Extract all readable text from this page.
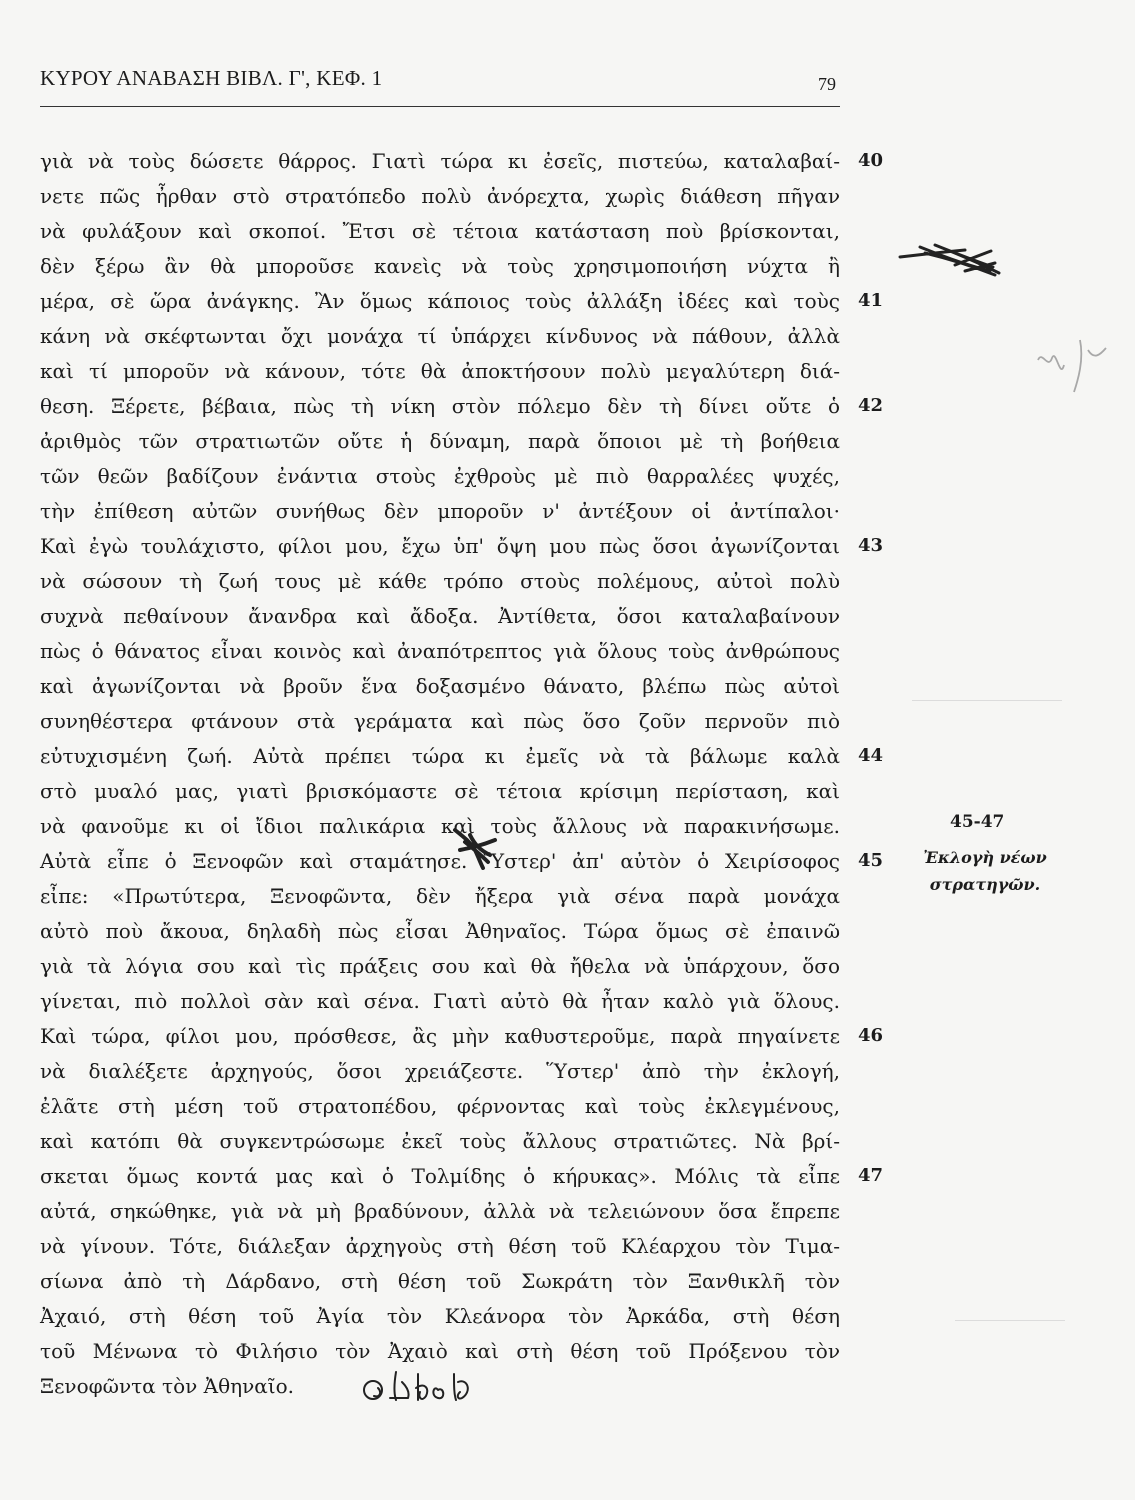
ΚΥΡΟΥ ΑΝΑΒΑΣΗ ΒΙΒΛ. Γ', ΚΕΦ. 1	79
γιὰ νὰ τοὺς δώσετε θάρρος. Γιατὶ τώρα κι ἐσεῖς, πιστεύω, καταλαβαί-
νετε πῶς ἦρθαν στὸ στρατόπεδο πολὺ ἀνόρεχτα, χωρὶς διάθεση πῆγαν
νὰ φυλάξουν καὶ σκοποί. Ἔτσι σὲ τέτοια κατάσταση ποὺ βρίσκονται,
δὲν ξέρω ἂν θὰ μποροῦσε κανεὶς νὰ τοὺς χρησιμοποιήση νύχτα ἢ
μέρα, σὲ ὥρα ἀνάγκης. Ἂν ὅμως κάποιος τοὺς ἀλλάξη ἰδέες καὶ τοὺς
κάνη νὰ σκέφτωνται ὄχι μονάχα τί ὑπάρχει κίνδυνος νὰ πάθουν, ἀλλὰ
καὶ τί μποροῦν νὰ κάνουν, τότε θὰ ἀποκτήσουν πολὺ μεγαλύτερη διά-
θεση. Ξέρετε, βέβαια, πὼς τὴ νίκη στὸν πόλεμο δὲν τὴ δίνει οὔτε ὁ
ἀριθμὸς τῶν στρατιωτῶν οὔτε ἡ δύναμη, παρὰ ὅποιοι μὲ τὴ βοήθεια
τῶν θεῶν βαδίζουν ἐνάντια στοὺς ἐχθροὺς μὲ πιὸ θαρραλέες ψυχές,
τὴν ἐπίθεση αὐτῶν συνήθως δὲν μποροῦν ν' ἀντέξουν οἱ ἀντίπαλοι·
Καὶ ἐγὼ τουλάχιστο, φίλοι μου, ἔχω ὑπ' ὄψη μου πὼς ὅσοι ἀγωνίζονται
νὰ σώσουν τὴ ζωή τους μὲ κάθε τρόπο στοὺς πολέμους, αὐτοὶ πολὺ
συχνὰ πεθαίνουν ἄνανδρα καὶ ἄδοξα. Ἀντίθετα, ὅσοι καταλαβαίνουν
πὼς ὁ θάνατος εἶναι κοινὸς καὶ ἀναπότρεπτος γιὰ ὅλους τοὺς ἀνθρώπους
καὶ ἀγωνίζονται νὰ βροῦν ἕνα δοξασμένο θάνατο, βλέπω πὼς αὐτοὶ
συνηθέστερα φτάνουν στὰ γεράματα καὶ πὼς ὅσο ζοῦν περνοῦν πιὸ
εὐτυχισμένη ζωή. Αὐτὰ πρέπει τώρα κι ἐμεῖς νὰ τὰ βάλωμε καλὰ
στὸ μυαλό μας, γιατὶ βρισκόμαστε σὲ τέτοια κρίσιμη περίσταση, καὶ
νὰ φανοῦμε κι οἱ ἴδιοι παλικάρια καὶ τοὺς ἄλλους νὰ παρακινήσωμε.
Αὐτὰ εἶπε ὁ Ξενοφῶν καὶ σταμάτησε. Ὕστερ' ἀπ' αὐτὸν ὁ Χειρίσοφος
εἶπε: «Πρωτύτερα, Ξενοφῶντα, δὲν ἤξερα γιὰ σένα παρὰ μονάχα
αὐτὸ ποὺ ἄκουα, δηλαδὴ πὼς εἶσαι Ἀθηναῖος. Τώρα ὅμως σὲ ἐπαινῶ
γιὰ τὰ λόγια σου καὶ τὶς πράξεις σου καὶ θὰ ἤθελα νὰ ὑπάρχουν, ὅσο
γίνεται, πιὸ πολλοὶ σὰν καὶ σένα. Γιατὶ αὐτὸ θὰ ἦταν καλὸ γιὰ ὅλους.
Καὶ τώρα, φίλοι μου, πρόσθεσε, ἂς μὴν καθυστεροῦμε, παρὰ πηγαίνετε
νὰ διαλέξετε ἀρχηγούς, ὅσοι χρειάζεστε. Ὕστερ' ἀπὸ τὴν ἐκλογή,
ἐλᾶτε στὴ μέση τοῦ στρατοπέδου, φέρνοντας καὶ τοὺς ἐκλεγμένους,
καὶ κατόπι θὰ συγκεντρώσωμε ἐκεῖ τοὺς ἄλλους στρατιῶτες. Νὰ βρί-
σκεται ὅμως κοντά μας καὶ ὁ Τολμίδης ὁ κήρυκας». Μόλις τὰ εἶπε
αὐτά, σηκώθηκε, γιὰ νὰ μὴ βραδύνουν, ἀλλὰ νὰ τελειώνουν ὅσα ἔπρεπε
νὰ γίνουν. Τότε, διάλεξαν ἀρχηγοὺς στὴ θέση τοῦ Κλέαρχου τὸν Τιμα-
σίωνα ἀπὸ τὴ Δάρδανο, στὴ θέση τοῦ Σωκράτη τὸν Ξανθικλῆ τὸν
Ἀχαιό, στὴ θέση τοῦ Ἀγία τὸν Κλεάνορα τὸν Ἀρκάδα, στὴ θέση
τοῦ Μένωνα τὸ Φιλήσιο τὸν Ἀχαιὸ καὶ στὴ θέση τοῦ Πρόξενου τὸν
Ξενοφῶντα τὸν Ἀθηναῖο.
40
41
42
43
44
45
46
47
45-47
Ἐκλογὴ νέων
στρατηγῶν.
